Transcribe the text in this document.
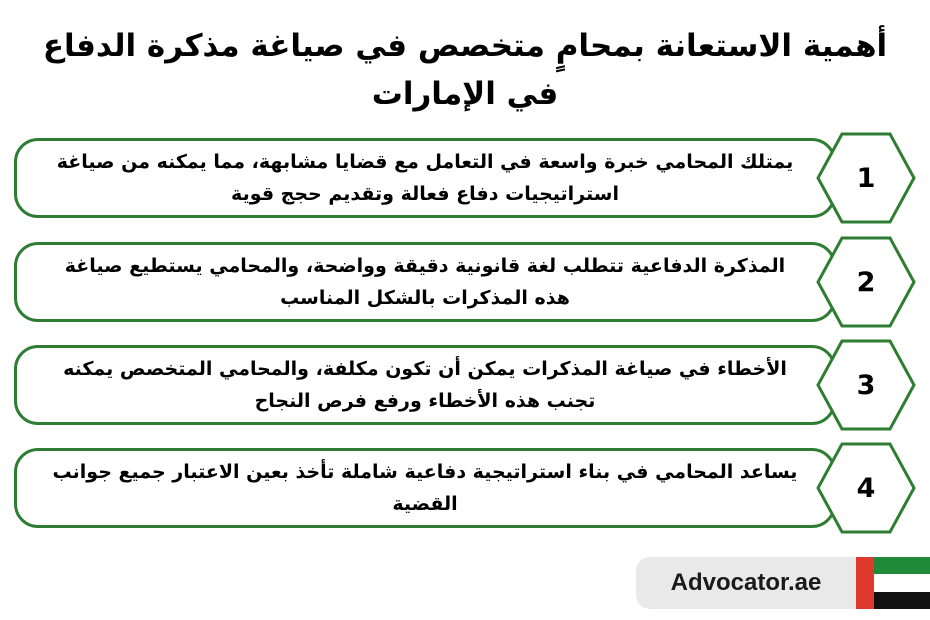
أهمية الاستعانة بمحامٍ متخصص في صياغة مذكرة الدفاع في الإمارات
يمتلك المحامي خبرة واسعة في التعامل مع قضايا مشابهة، مما يمكنه من صياغة استراتيجيات دفاع فعالة وتقديم حجج قوية
1
المذكرة الدفاعية تتطلب لغة قانونية دقيقة وواضحة، والمحامي يستطيع صياغة هذه المذكرات بالشكل المناسب
2
الأخطاء في صياغة المذكرات يمكن أن تكون مكلفة، والمحامي المتخصص يمكنه تجنب هذه الأخطاء ورفع فرص النجاح
3
يساعد المحامي في بناء استراتيجية دفاعية شاملة تأخذ بعين الاعتبار جميع جوانب القضية
4
Advocator.ae
